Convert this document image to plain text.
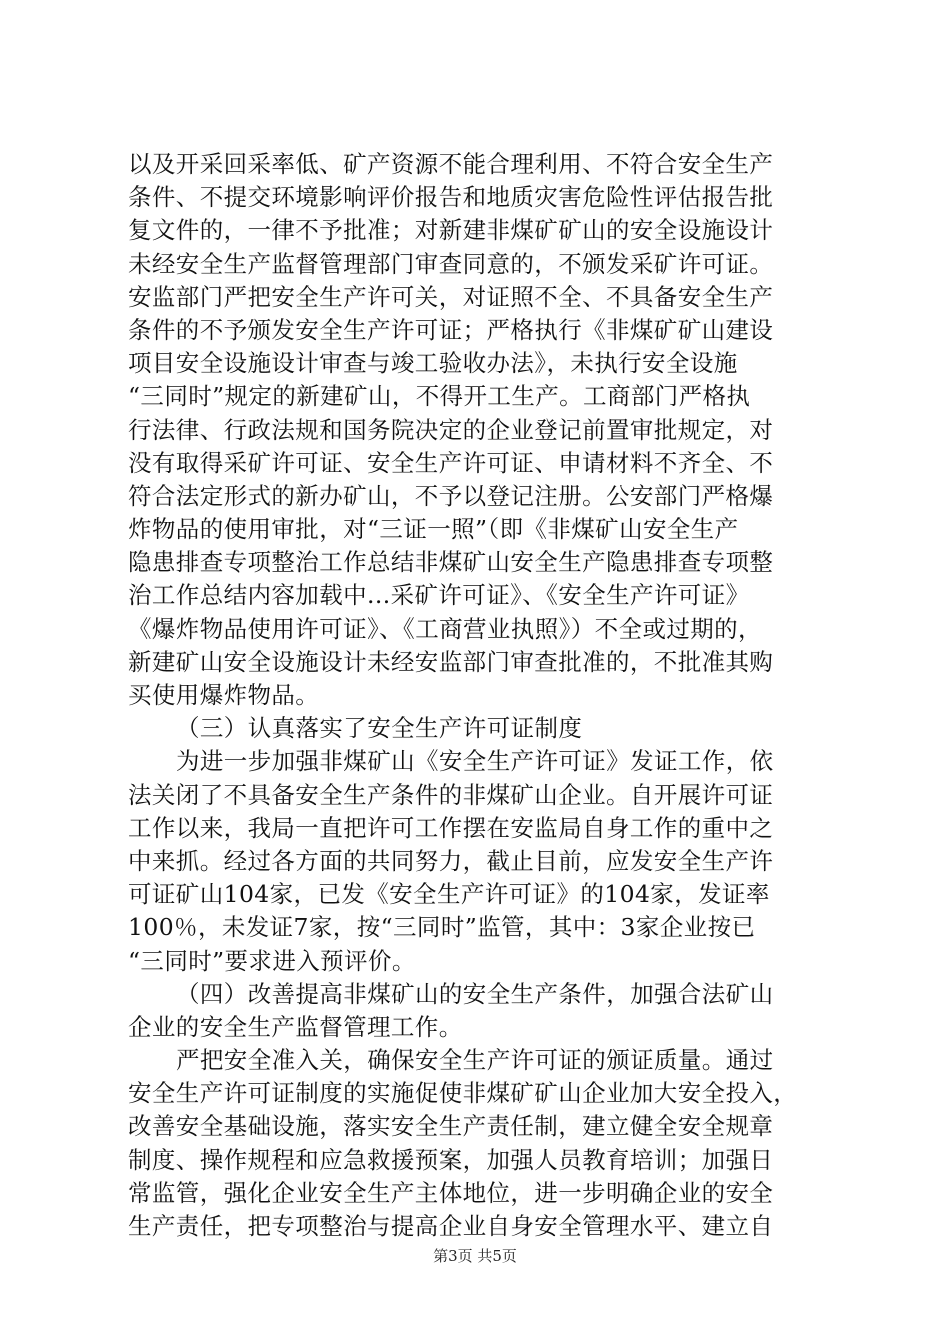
以及开采回采率低、矿产资源不能合理利用、不符合安全生产
条件、不提交环境影响评价报告和地质灾害危险性评估报告批
复文件的，一律不予批准；对新建非煤矿矿山的安全设施设计
未经安全生产监督管理部门审查同意的，不颁发采矿许可证。
安监部门严把安全生产许可关，对证照不全、不具备安全生产
条件的不予颁发安全生产许可证；严格执行《非煤矿矿山建设
项目安全设施设计审查与竣工验收办法》，未执行安全设施
“三同时”规定的新建矿山，不得开工生产。工商部门严格执
行法律、行政法规和国务院决定的企业登记前置审批规定，对
没有取得采矿许可证、安全生产许可证、申请材料不齐全、不
符合法定形式的新办矿山，不予以登记注册。公安部门严格爆
炸物品的使用审批，对“三证一照”（即《非煤矿山安全生产
隐患排查专项整治工作总结非煤矿山安全生产隐患排查专项整
治工作总结内容加载中...采矿许可证》、《安全生产许可证》
《爆炸物品使用许可证》、《工商营业执照》）不全或过期的，
新建矿山安全设施设计未经安监部门审查批准的，不批准其购
买使用爆炸物品。
（三）认真落实了安全生产许可证制度
为进一步加强非煤矿山《安全生产许可证》发证工作，依
法关闭了不具备安全生产条件的非煤矿山企业。自开展许可证
工作以来，我局一直把许可工作摆在安监局自身工作的重中之
中来抓。经过各方面的共同努力，截止目前，应发安全生产许
可证矿山104家，已发《安全生产许可证》的104家，发证率
100％，未发证7家，按“三同时”监管，其中：3家企业按已
“三同时”要求进入预评价。
（四）改善提高非煤矿山的安全生产条件，加强合法矿山
企业的安全生产监督管理工作。
严把安全准入关，确保安全生产许可证的颁证质量。通过
安全生产许可证制度的实施促使非煤矿矿山企业加大安全投入，
改善安全基础设施，落实安全生产责任制，建立健全安全规章
制度、操作规程和应急救援预案，加强人员教育培训；加强日
常监管，强化企业安全生产主体地位，进一步明确企业的安全
生产责任，把专项整治与提高企业自身安全管理水平、建立自
第3页 共5页
